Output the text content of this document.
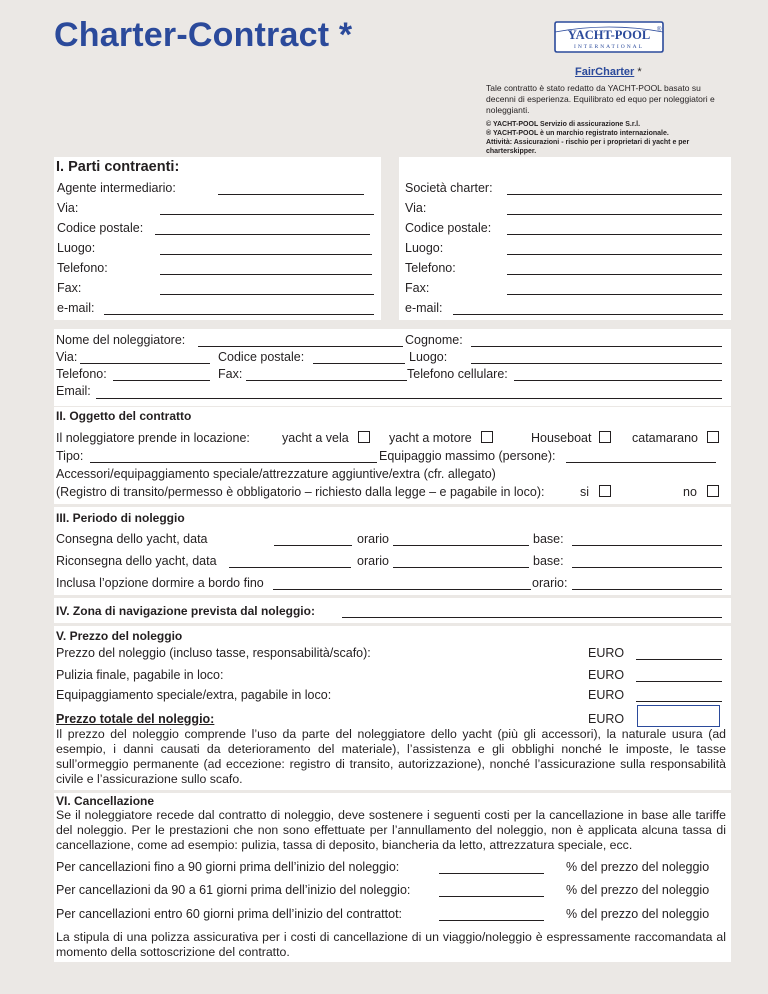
Charter-Contract *	YACHT-POOL ®
INTERNATIONAL
FairCharter *
Tale contratto è stato redatto da YACHT-POOL basato su decenni di esperienza. Equilibrato ed equo per noleggiatori e noleggianti.
© YACHT-POOL Servizio di assicurazione S.r.l.
® YACHT-POOL è un marchio registrato internazionale.
Attività: Assicurazioni - rischio per i proprietari di yacht e per charterskipper.
I. Parti contraenti:
Agente intermediario:
Via:
Codice postale:
Luogo:
Telefono:
Fax:
e-mail:
Società charter:
Via:
Codice postale:
Luogo:
Telefono:
Fax:
e-mail:
Nome del noleggiatore:	Cognome:
Via:	Codice postale:	Luogo:
Telefono:	Fax:	Telefono cellulare:
Email:
II. Oggetto del contratto
Il noleggiatore prende in locazione:	yacht a vela	yacht a motore	Houseboat	catamarano
Tipo:	Equipaggio massimo (persone):
Accessori/equipaggiamento speciale/attrezzature aggiuntive/extra (cfr. allegato)
(Registro di transito/permesso è obbligatorio – richiesto dalla legge – e pagabile in loco):	si	no
III. Periodo di noleggio
Consegna dello yacht, data	orario	base:
Riconsegna dello yacht, data	orario	base:
Inclusa l’opzione dormire a bordo fino	orario:
IV. Zona di navigazione prevista dal noleggio:
V. Prezzo del noleggio
Prezzo del noleggio (incluso tasse, responsabilità/scafo):	EURO
Pulizia finale, pagabile in loco:	EURO
Equipaggiamento speciale/extra, pagabile in loco:	EURO
Prezzo totale del noleggio:	EURO
Il prezzo del noleggio comprende l’uso da parte del noleggiatore dello yacht (più gli accessori), la naturale usura (ad esempio, i danni causati da deterioramento del materiale), l’assistenza e gli obblighi nonché le imposte, le tasse sull’ormeggio permanente (ad eccezione: registro di transito, autorizzazione), nonché l’assicurazione sulla responsabilità civile e l’assicurazione sullo scafo.
VI. Cancellazione
Se il noleggiatore recede dal contratto di noleggio, deve sostenere i seguenti costi per la cancellazione in base alle tariffe del noleggio. Per le prestazioni che non sono effettuate per l’annullamento del noleggio, non è applicata alcuna tassa di cancellazione, come ad esempio: pulizia, tassa di deposito, biancheria da letto, attrezzatura speciale, ecc.
Per cancellazioni fino a 90 giorni prima dell’inizio del noleggio:	% del prezzo del noleggio
Per cancellazioni da 90 a 61 giorni prima dell’inizio del noleggio:	% del prezzo del noleggio
Per cancellazioni entro 60 giorni prima dell’inizio del contrattot:	% del prezzo del noleggio
La stipula di una polizza assicurativa per i costi di cancellazione di un viaggio/noleggio è espressamente raccomandata al momento della sottoscrizione del contratto.
